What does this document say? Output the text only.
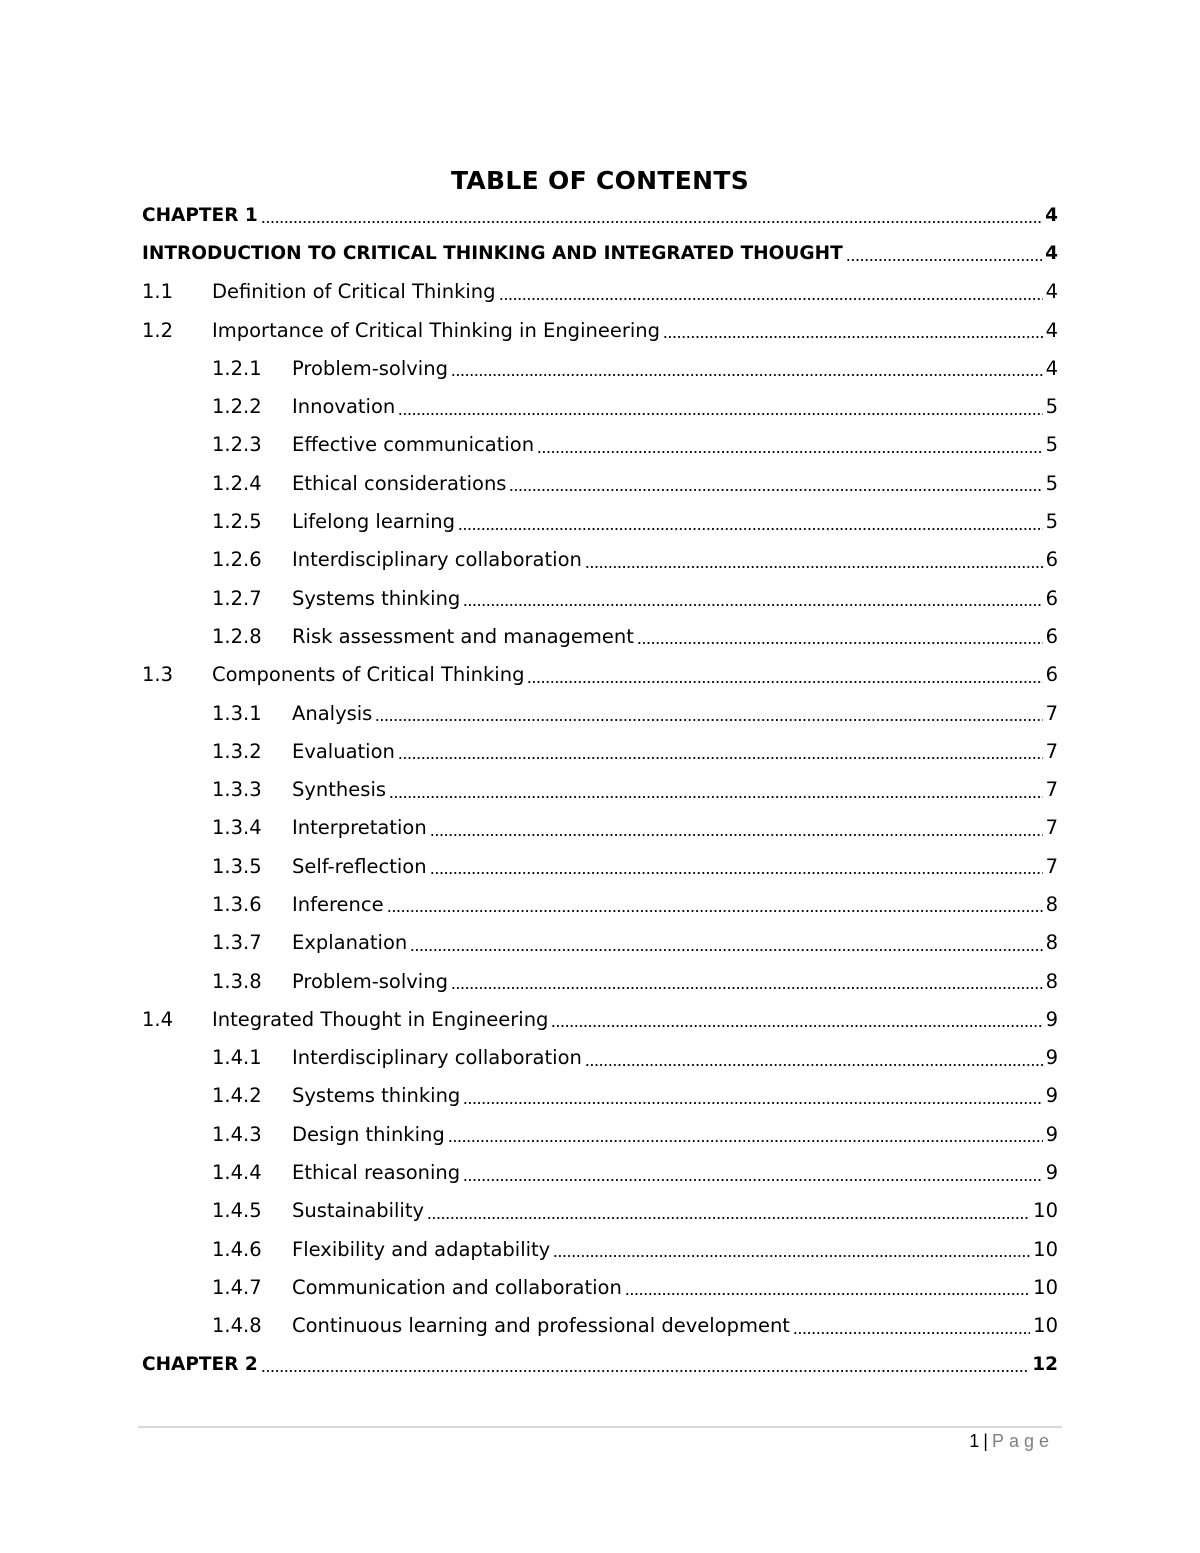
TABLE OF CONTENTS
CHAPTER 1	4
INTRODUCTION TO CRITICAL THINKING AND INTEGRATED THOUGHT	4
1.1	Definition of Critical Thinking	4
1.2	Importance of Critical Thinking in Engineering	4
1.2.1	Problem-solving	4
1.2.2	Innovation	5
1.2.3	Effective communication	5
1.2.4	Ethical considerations	5
1.2.5	Lifelong learning	5
1.2.6	Interdisciplinary collaboration	6
1.2.7	Systems thinking	6
1.2.8	Risk assessment and management	6
1.3	Components of Critical Thinking	6
1.3.1	Analysis	7
1.3.2	Evaluation	7
1.3.3	Synthesis	7
1.3.4	Interpretation	7
1.3.5	Self-reflection	7
1.3.6	Inference	8
1.3.7	Explanation	8
1.3.8	Problem-solving	8
1.4	Integrated Thought in Engineering	9
1.4.1	Interdisciplinary collaboration	9
1.4.2	Systems thinking	9
1.4.3	Design thinking	9
1.4.4	Ethical reasoning	9
1.4.5	Sustainability	10
1.4.6	Flexibility and adaptability	10
1.4.7	Communication and collaboration	10
1.4.8	Continuous learning and professional development	10
CHAPTER 2	12
1 | Page
